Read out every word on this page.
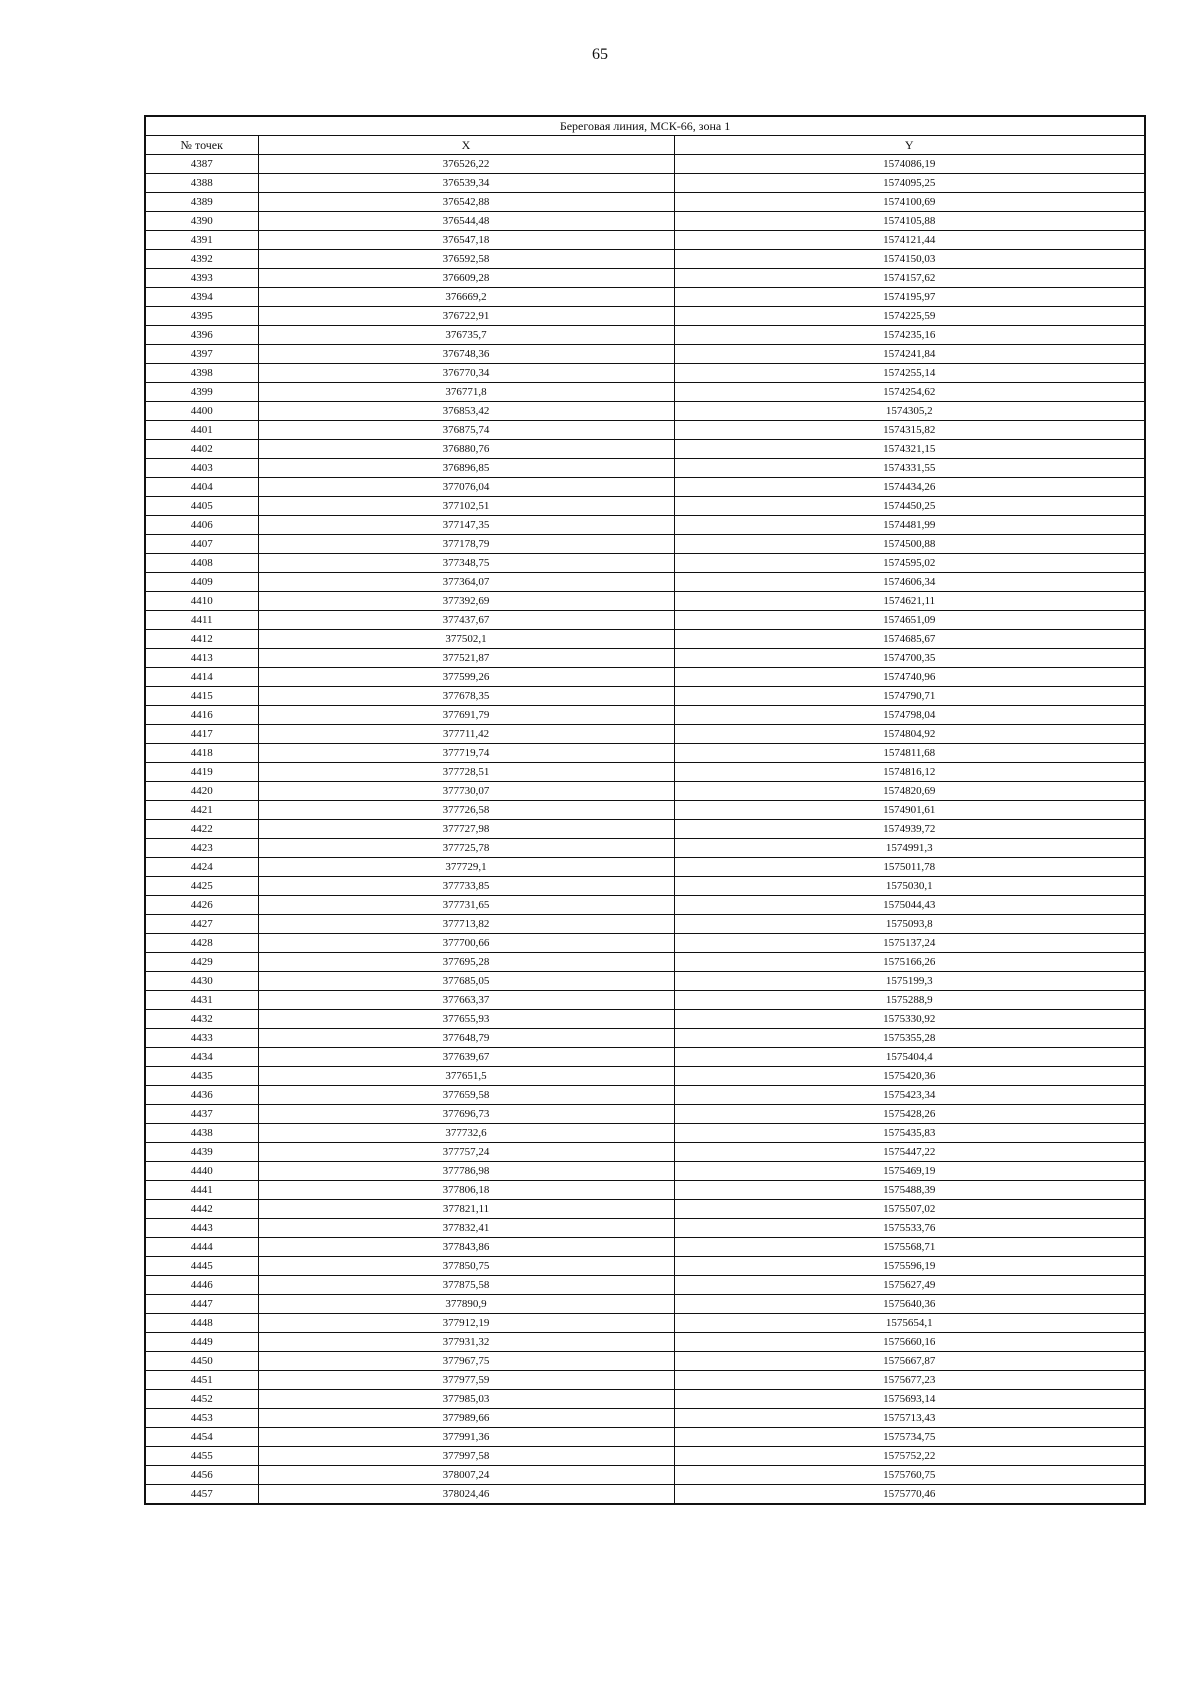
65
Береговая линия, МСК-66, зона 1		
№ точек	X	Y
4387	376526,22	1574086,19
4388	376539,34	1574095,25
4389	376542,88	1574100,69
4390	376544,48	1574105,88
4391	376547,18	1574121,44
4392	376592,58	1574150,03
4393	376609,28	1574157,62
4394	376669,2	1574195,97
4395	376722,91	1574225,59
4396	376735,7	1574235,16
4397	376748,36	1574241,84
4398	376770,34	1574255,14
4399	376771,8	1574254,62
4400	376853,42	1574305,2
4401	376875,74	1574315,82
4402	376880,76	1574321,15
4403	376896,85	1574331,55
4404	377076,04	1574434,26
4405	377102,51	1574450,25
4406	377147,35	1574481,99
4407	377178,79	1574500,88
4408	377348,75	1574595,02
4409	377364,07	1574606,34
4410	377392,69	1574621,11
4411	377437,67	1574651,09
4412	377502,1	1574685,67
4413	377521,87	1574700,35
4414	377599,26	1574740,96
4415	377678,35	1574790,71
4416	377691,79	1574798,04
4417	377711,42	1574804,92
4418	377719,74	1574811,68
4419	377728,51	1574816,12
4420	377730,07	1574820,69
4421	377726,58	1574901,61
4422	377727,98	1574939,72
4423	377725,78	1574991,3
4424	377729,1	1575011,78
4425	377733,85	1575030,1
4426	377731,65	1575044,43
4427	377713,82	1575093,8
4428	377700,66	1575137,24
4429	377695,28	1575166,26
4430	377685,05	1575199,3
4431	377663,37	1575288,9
4432	377655,93	1575330,92
4433	377648,79	1575355,28
4434	377639,67	1575404,4
4435	377651,5	1575420,36
4436	377659,58	1575423,34
4437	377696,73	1575428,26
4438	377732,6	1575435,83
4439	377757,24	1575447,22
4440	377786,98	1575469,19
4441	377806,18	1575488,39
4442	377821,11	1575507,02
4443	377832,41	1575533,76
4444	377843,86	1575568,71
4445	377850,75	1575596,19
4446	377875,58	1575627,49
4447	377890,9	1575640,36
4448	377912,19	1575654,1
4449	377931,32	1575660,16
4450	377967,75	1575667,87
4451	377977,59	1575677,23
4452	377985,03	1575693,14
4453	377989,66	1575713,43
4454	377991,36	1575734,75
4455	377997,58	1575752,22
4456	378007,24	1575760,75
4457	378024,46	1575770,46
